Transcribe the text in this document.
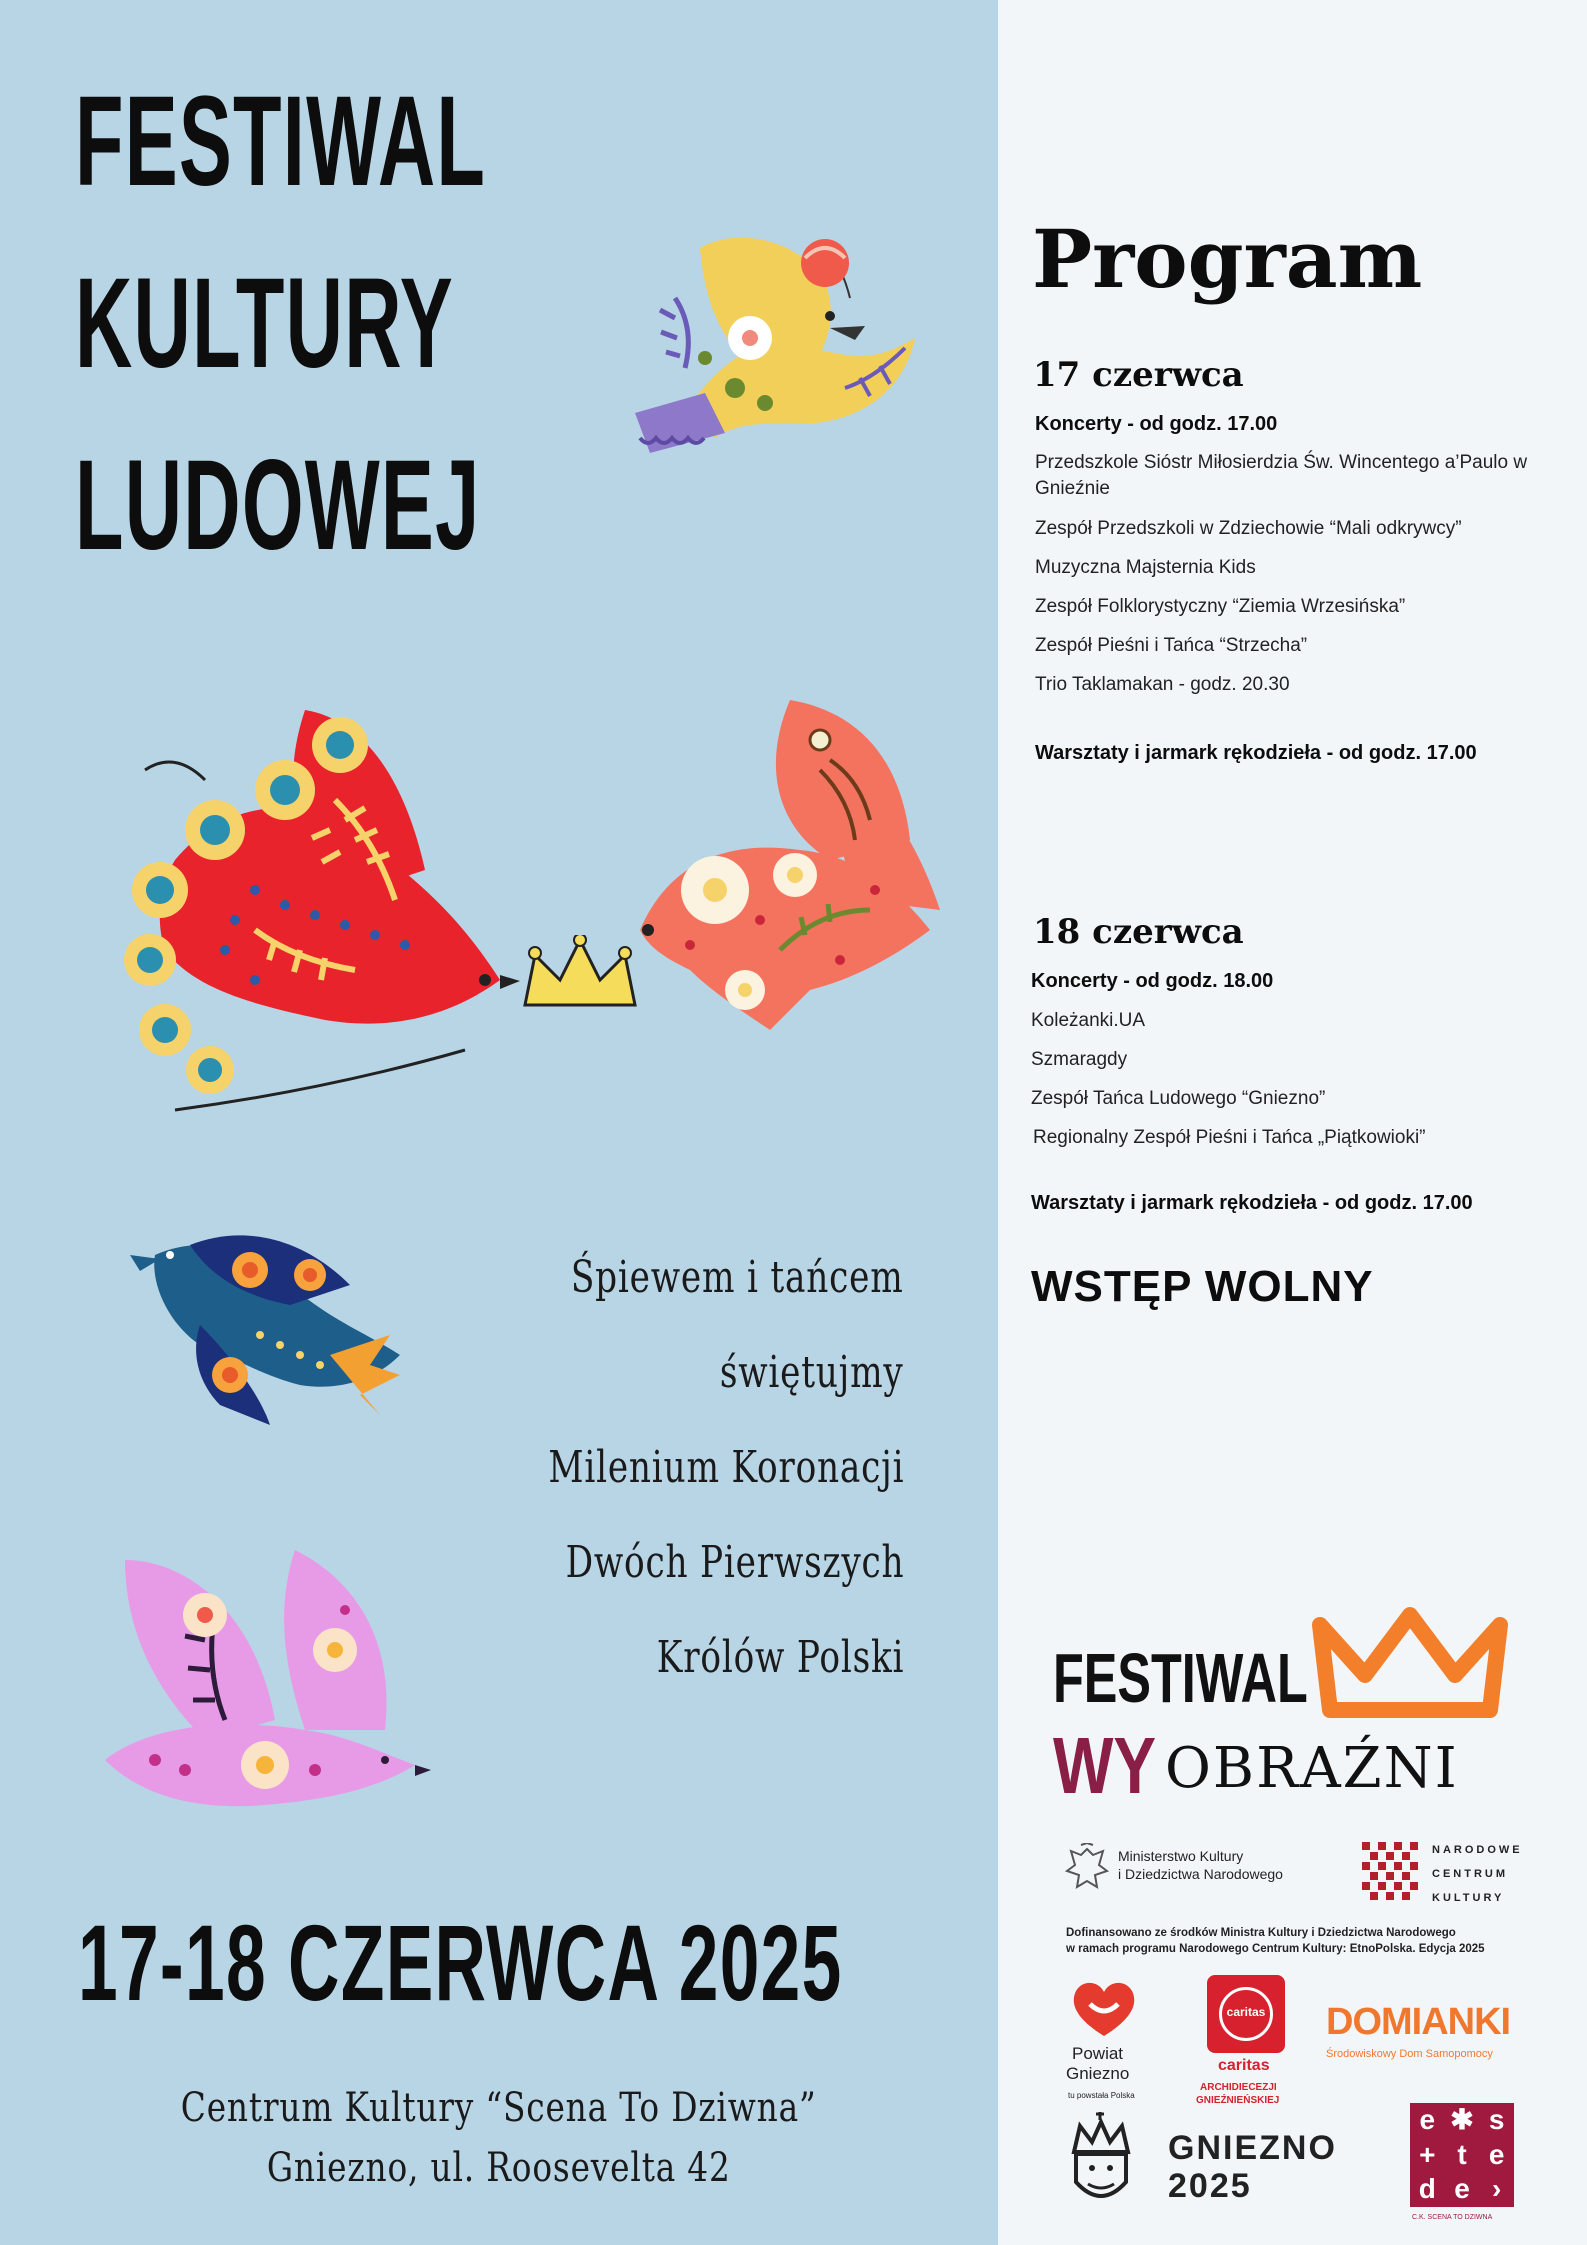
FESTIWAL
KULTURY
LUDOWEJ
Śpiewem i tańcem
świętujmy
Milenium Koronacji
Dwóch Pierwszych
Królów Polski
17-18 CZERWCA 2025
Centrum Kultury “Scena To Dziwna”
Gniezno, ul. Roosevelta 42
Program
17 czerwca
Koncerty - od godz. 17.00
Przedszkole Sióstr Miłosierdzia Św. Wincentego a’Paulo w Gnieźnie
Zespół Przedszkoli w Zdziechowie “Mali odkrywcy”
Muzyczna Majsternia Kids
Zespół Folklorystyczny “Ziemia Wrzesińska”
Zespół Pieśni i Tańca “Strzecha”
Trio Taklamakan - godz. 20.30
Warsztaty i jarmark rękodzieła - od godz. 17.00
18 czerwca
Koncerty - od godz. 18.00
Koleżanki.UA
Szmaragdy
Zespół Tańca Ludowego “Gniezno”
Regionalny Zespół Pieśni i Tańca „Piątkowioki”
Warsztaty i jarmark rękodzieła - od godz. 17.00
WSTĘP WOLNY
FESTIWAL
WY OBRAŹNI
Ministerstwo Kultury
i Dziedzictwa Narodowego
NARODOWE
CENTRUM
KULTURY
Dofinansowano ze środków Ministra Kultury i Dziedzictwa Narodowego
w ramach programu Narodowego Centrum Kultury: EtnoPolska. Edycja 2025
Powiat
Gniezno
tu powstała Polska
caritas
caritas
ARCHIDIECEZJI
GNIEŹNIEŃSKIEJ
DOMIANKI
Środowiskowy Dom Samopomocy
GNIEZNO
2025
e ✱ s
+ t e
d e ›
C.K. SCENA TO DZIWNA
